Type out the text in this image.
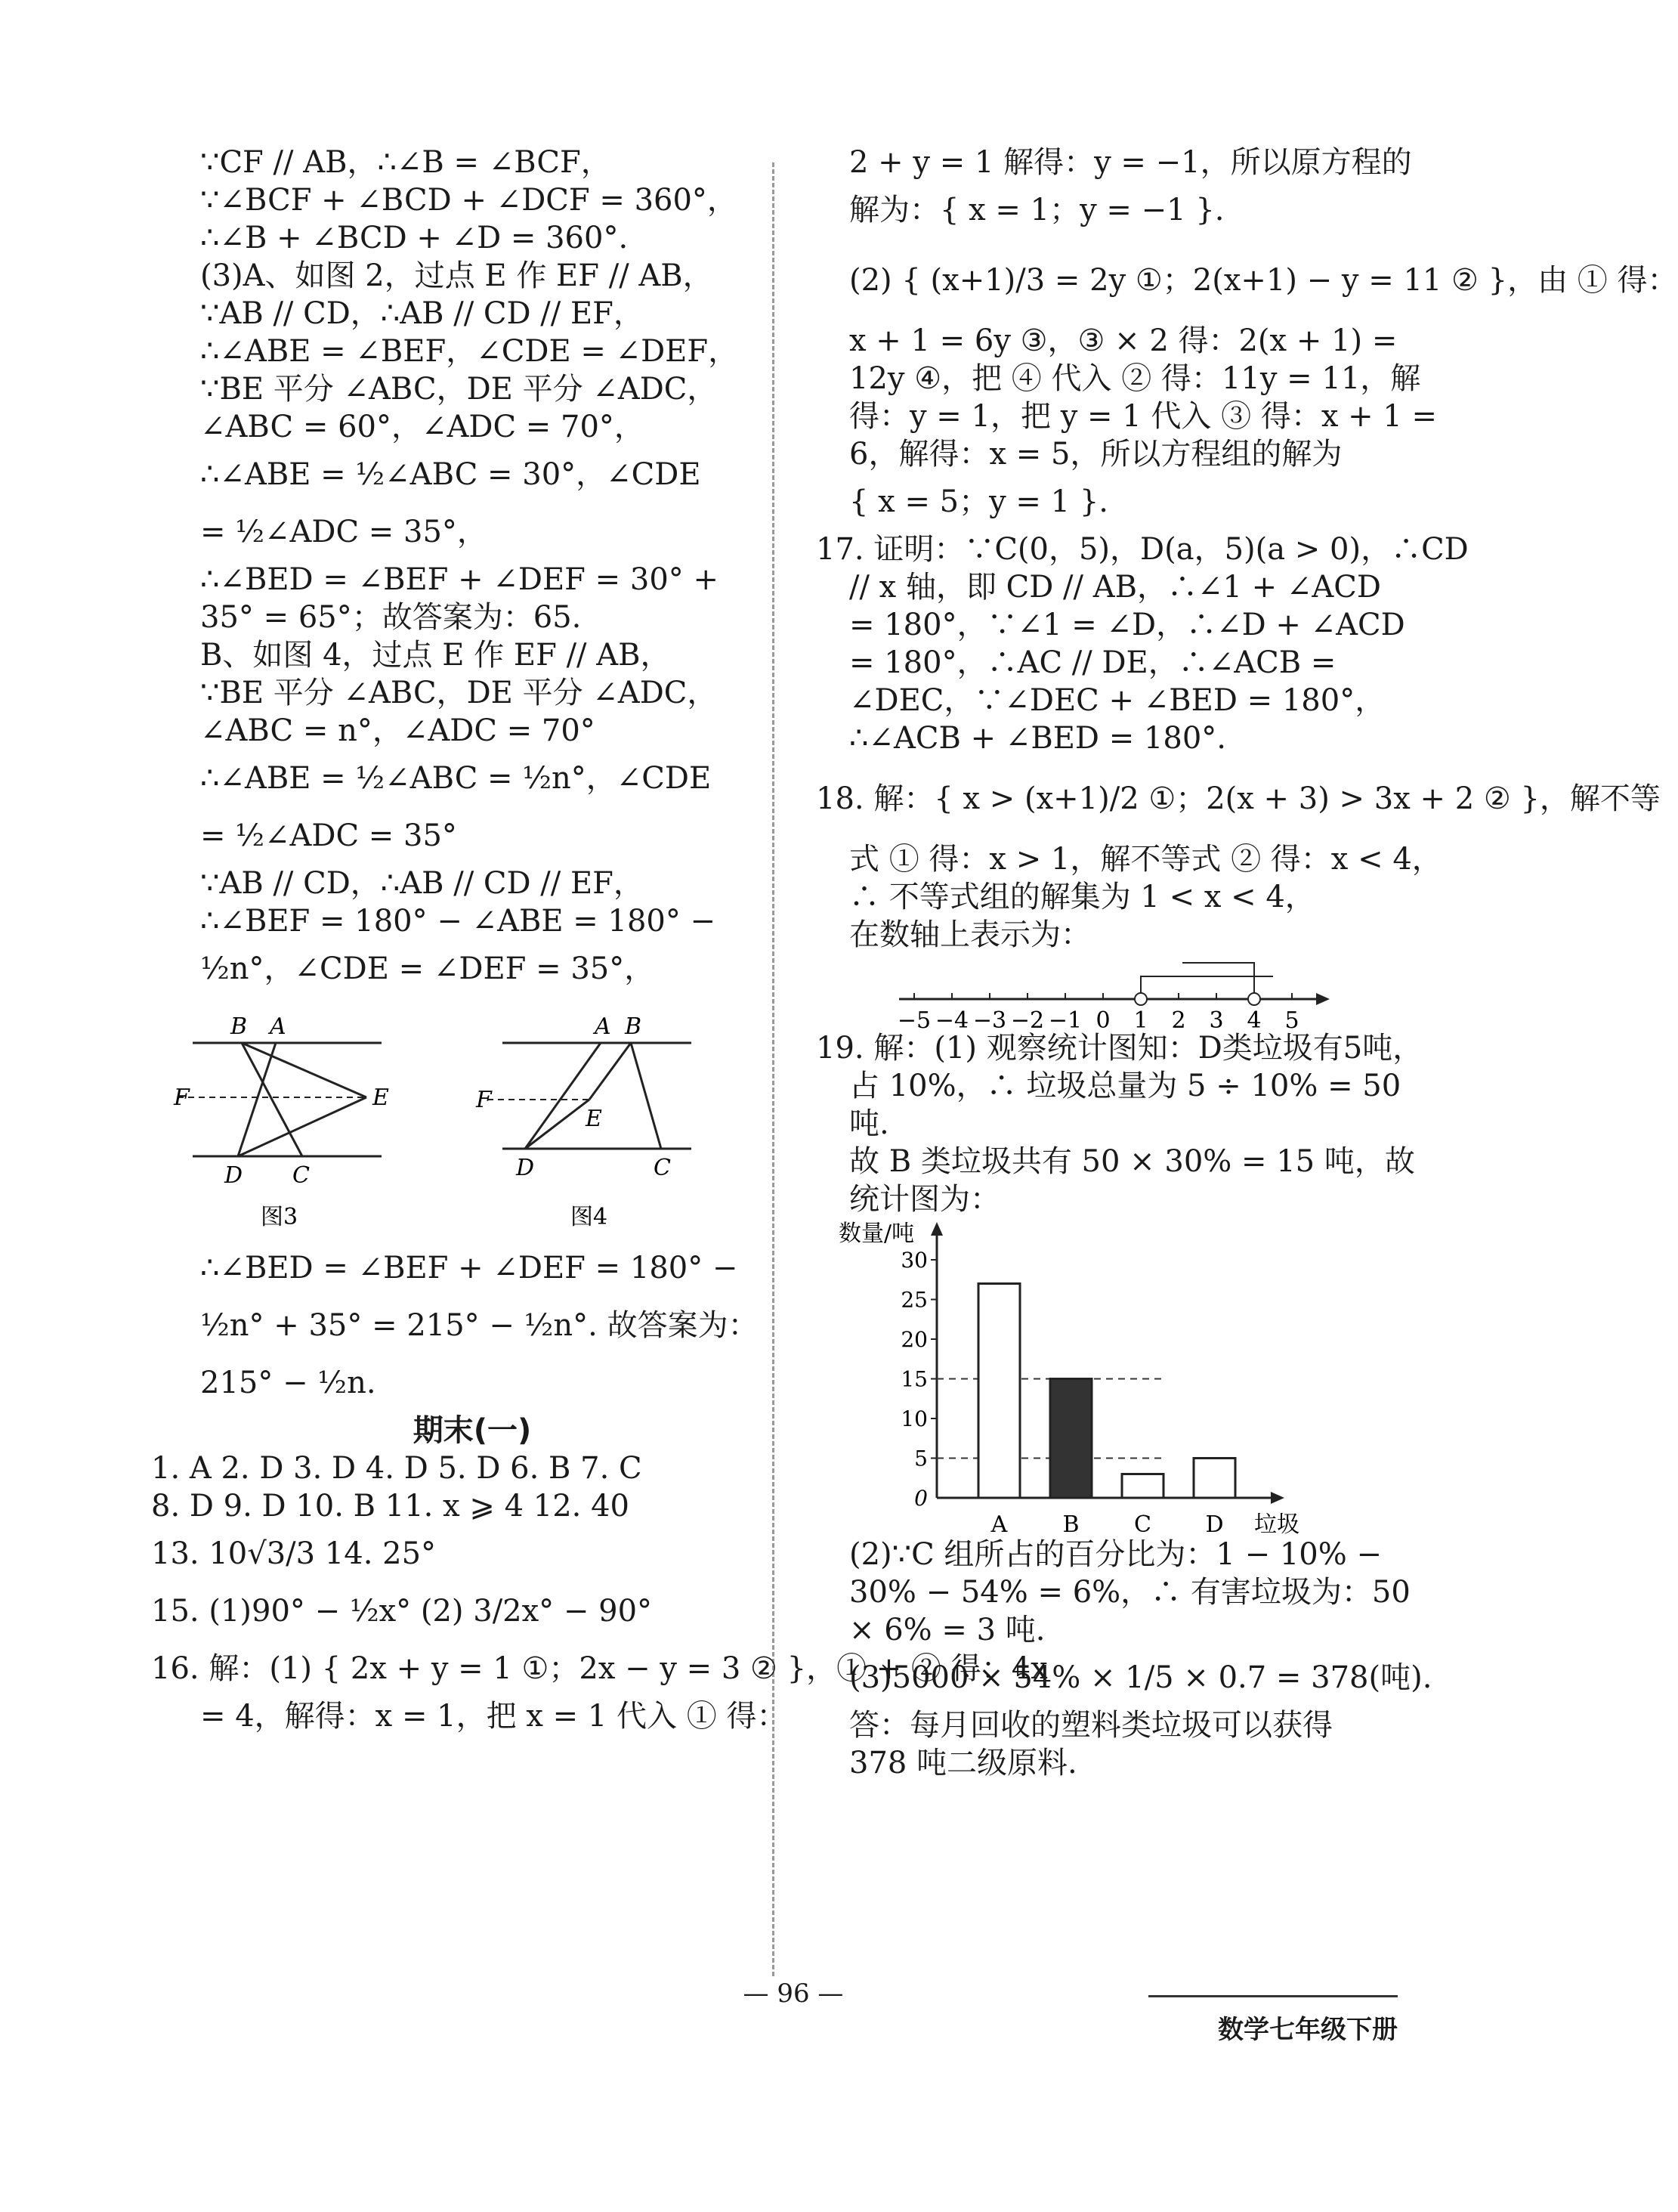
∵CF // AB，∴∠B = ∠BCF，
∵∠BCF + ∠BCD + ∠DCF = 360°，
∴∠B + ∠BCD + ∠D = 360°.
(3)A、如图 2，过点 E 作 EF // AB，
∵AB // CD，∴AB // CD // EF，
∴∠ABE = ∠BEF，∠CDE = ∠DEF，
∵BE 平分 ∠ABC，DE 平分 ∠ADC，
∠ABC = 60°，∠ADC = 70°，
∴∠ABE = ½∠ABC = 30°，∠CDE
= ½∠ADC = 35°，
∴∠BED = ∠BEF + ∠DEF = 30° +
35° = 65°；故答案为：65.
B、如图 4，过点 E 作 EF // AB，
∵BE 平分 ∠ABC，DE 平分 ∠ADC，
∠ABC = n°，∠ADC = 70°
∴∠ABE = ½∠ABC = ½n°，∠CDE
= ½∠ADC = 35°
∵AB // CD，∴AB // CD // EF，
∴∠BEF = 180° − ∠ABE = 180° −
½n°，∠CDE = ∠DEF = 35°，
B A
F	E
D C
图3
A B
F
E
D	C
图4
∴∠BED = ∠BEF + ∠DEF = 180° −
½n° + 35° = 215° − ½n°. 故答案为：
215° − ½n.
期末(一)
1. A 2. D 3. D 4. D 5. D 6. B 7. C
8. D 9. D 10. B 11. x ⩾ 4 12. 40
13. 10√3/3 14. 25°
15. (1)90° − ½x° (2) 3/2x° − 90°
16. 解：(1) { 2x + y = 1 ①；2x − y = 3 ② }，① + ② 得：4x
= 4，解得：x = 1，把 x = 1 代入 ① 得：
2 + y = 1 解得：y = −1，所以原方程的
解为：{ x = 1；y = −1 }.
(2) { (x+1)/3 = 2y ①；2(x+1) − y = 11 ② }，由 ① 得：
x + 1 = 6y ③，③ × 2 得：2(x + 1) =
12y ④，把 ④ 代入 ② 得：11y = 11，解
得：y = 1，把 y = 1 代入 ③ 得：x + 1 =
6，解得：x = 5，所以方程组的解为
{ x = 5；y = 1 }.
17. 证明：∵C(0，5)，D(a，5)(a > 0)，∴CD
// x 轴，即 CD // AB，∴∠1 + ∠ACD
= 180°，∵∠1 = ∠D，∴∠D + ∠ACD
= 180°，∴AC // DE，∴∠ACB =
∠DEC，∵∠DEC + ∠BED = 180°，
∴∠ACB + ∠BED = 180°.
18. 解：{ x > (x+1)/2 ①；2(x + 3) > 3x + 2 ② }，解不等
式 ① 得：x > 1，解不等式 ② 得：x < 4，
∴ 不等式组的解集为 1 < x < 4，
在数轴上表示为：
−5 −4 −3 −2 −1 0 1 2 3 4 5
19. 解：(1) 观察统计图知：D类垃圾有5吨，
占 10%，∴ 垃圾总量为 5 ÷ 10% = 50
吨.
故 B 类垃圾共有 50 × 30% = 15 吨，故
统计图为：
数量/吨
垃圾
0
5
10
15
20
25
30
A B C D
(2)∵C 组所占的百分比为：1 − 10% −
30% − 54% = 6%，∴ 有害垃圾为：50
× 6% = 3 吨.
(3)5000 × 54% × 1/5 × 0.7 = 378(吨).
答：每月回收的塑料类垃圾可以获得
378 吨二级原料.
— 96 —
数学七年级下册
